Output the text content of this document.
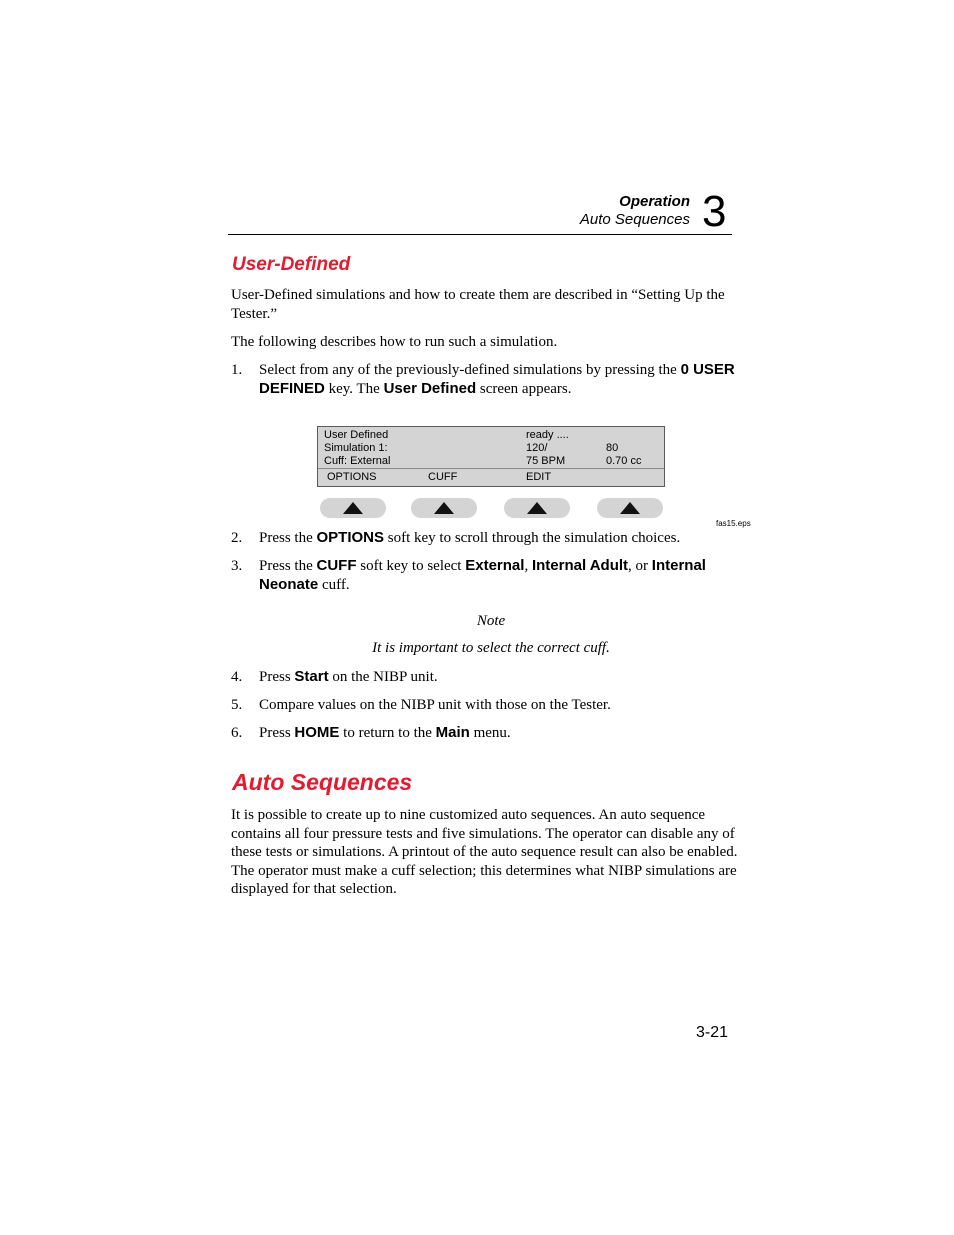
Operation
Auto Sequences 3
User-Defined
User-Defined simulations and how to create them are described in “Setting Up the Tester.”
The following describes how to run such a simulation.
1. Select from any of the previously-defined simulations by pressing the 0 USER DEFINED key. The User Defined screen appears.
User Defined	ready ....
Simulation 1:	120/	80
Cuff: External	75 BPM	0.70 cc
OPTIONS	CUFF	EDIT
fas15.eps
2. Press the OPTIONS soft key to scroll through the simulation choices.
3. Press the CUFF soft key to select External, Internal Adult, or Internal Neonate cuff.
Note
It is important to select the correct cuff.
4. Press Start on the NIBP unit.
5. Compare values on the NIBP unit with those on the Tester.
6. Press HOME to return to the Main menu.
Auto Sequences
It is possible to create up to nine customized auto sequences. An auto sequence contains all four pressure tests and five simulations. The operator can disable any of these tests or simulations. A printout of the auto sequence result can also be enabled. The operator must make a cuff selection; this determines what NIBP simulations are displayed for that selection.
3-21
